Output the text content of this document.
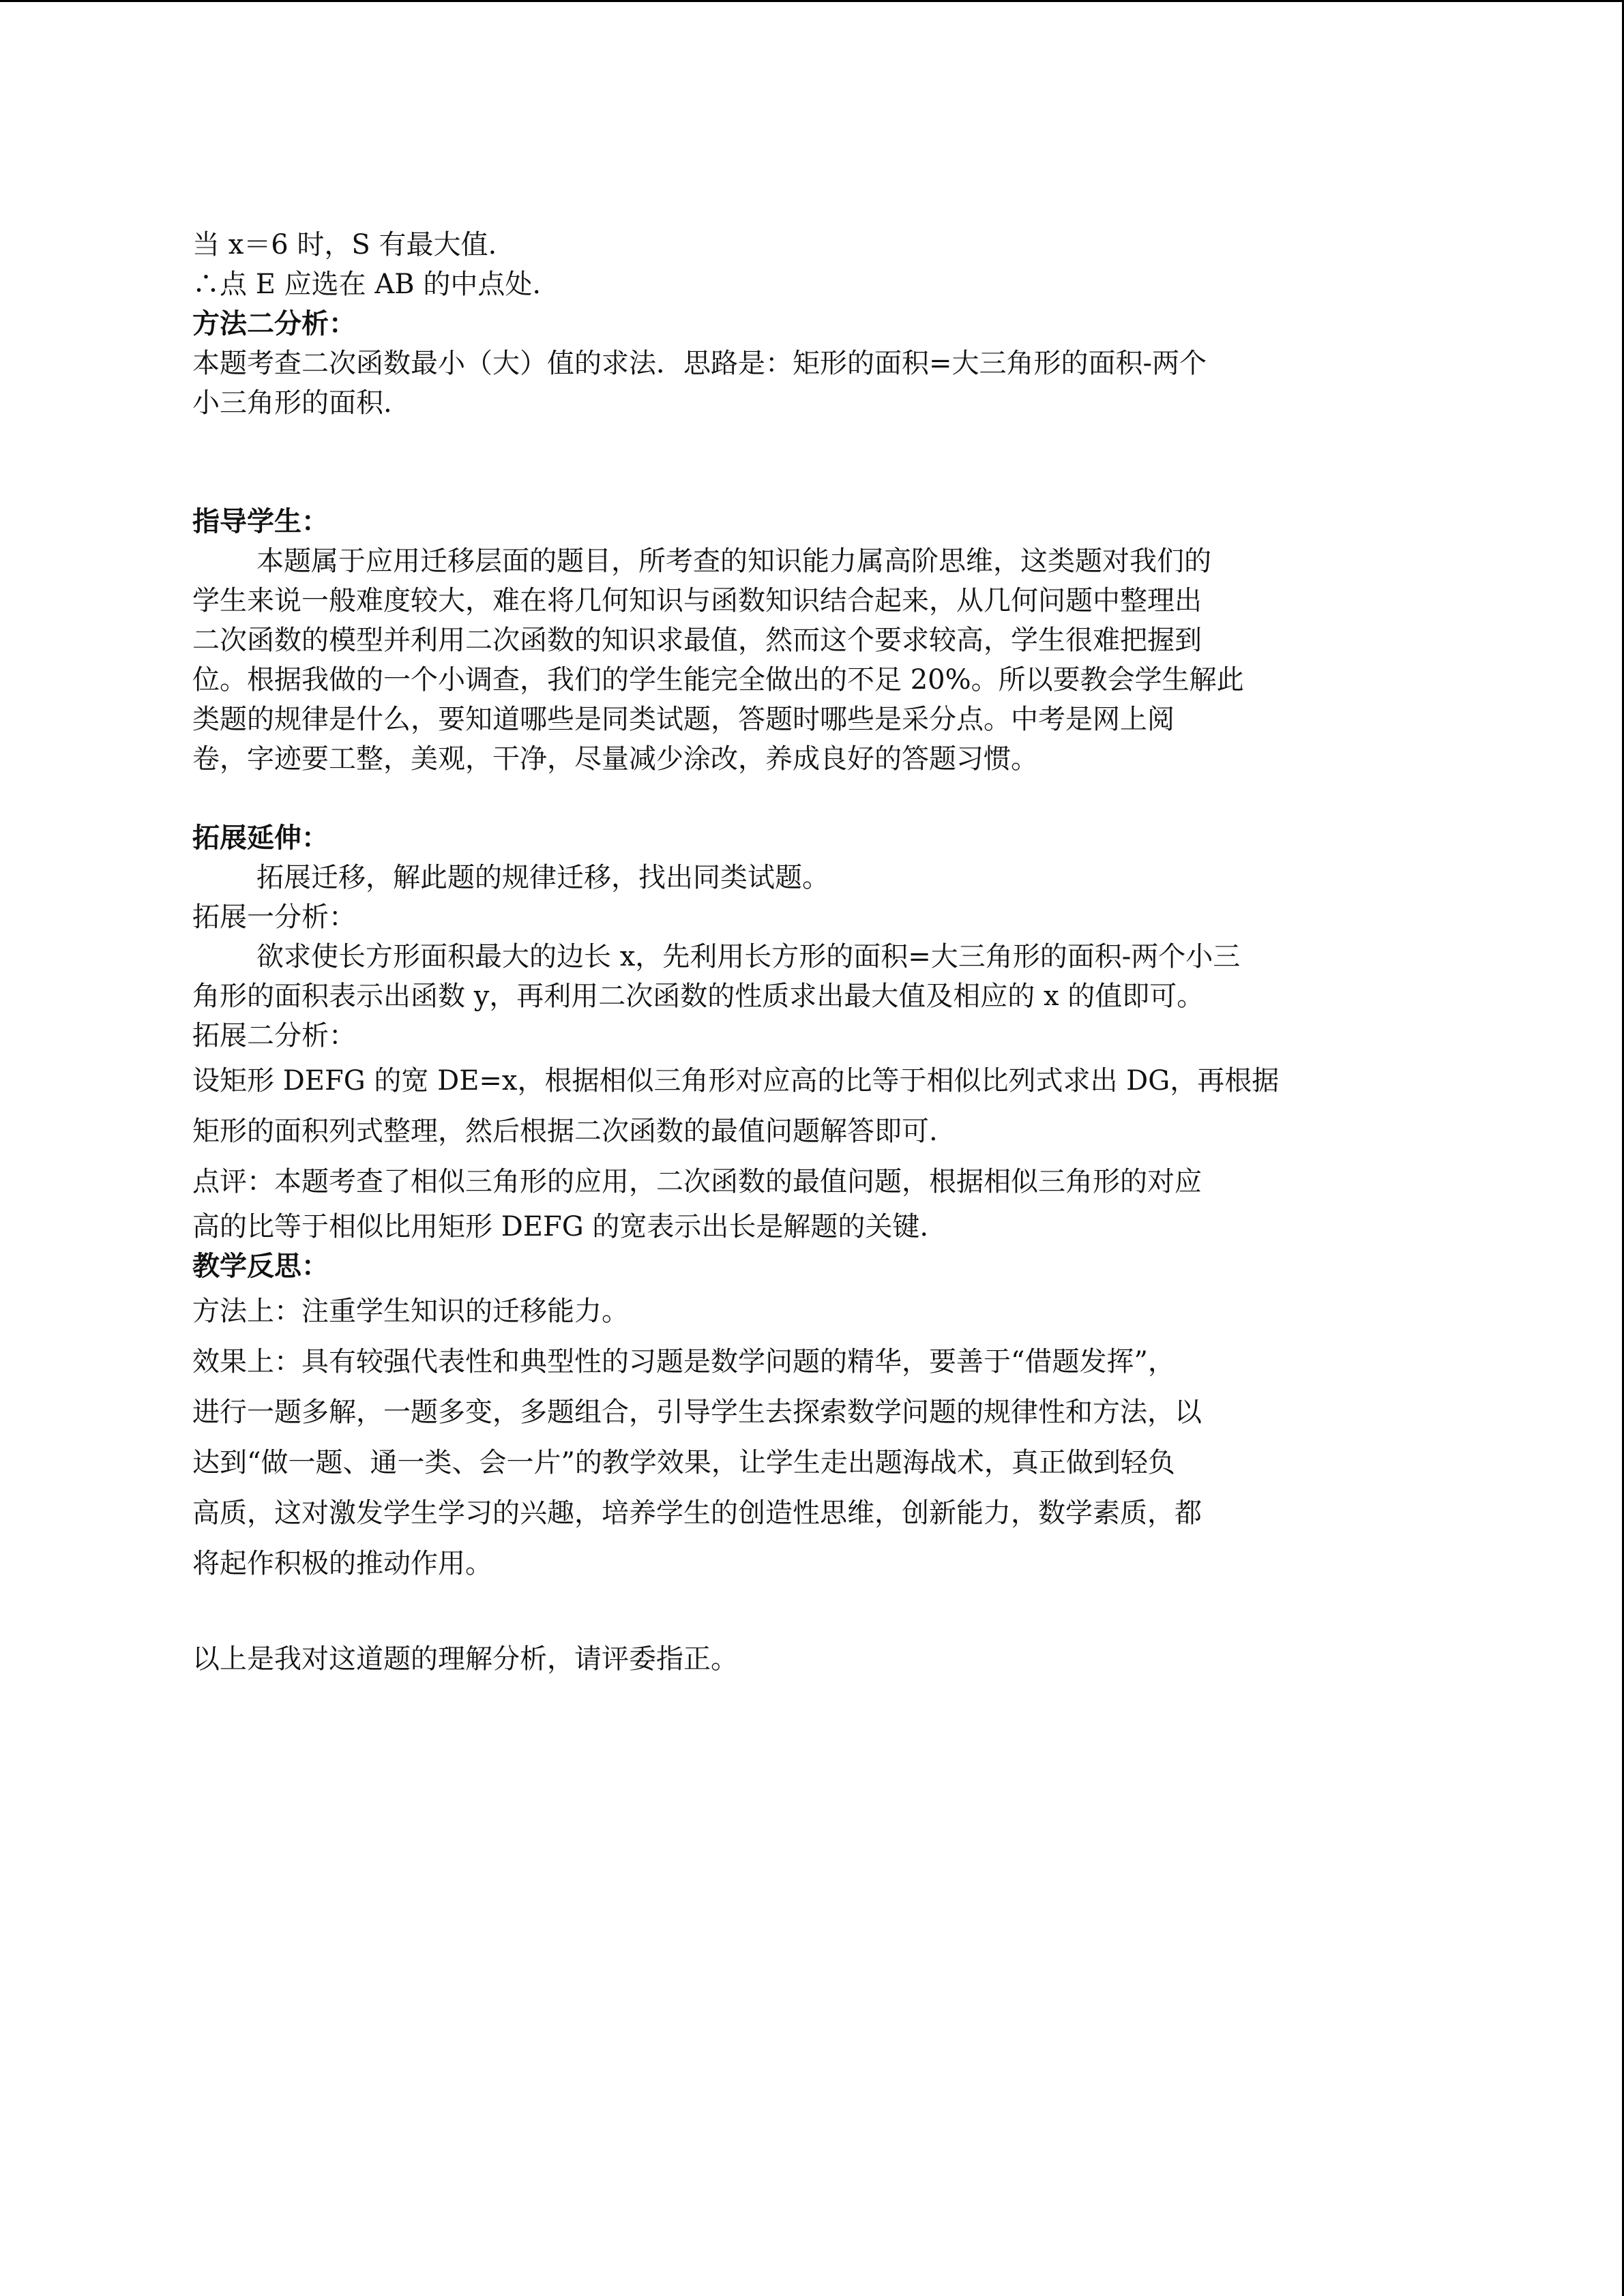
当 x＝6 时，S 有最大值.

∴点 E 应选在 AB 的中点处.

方法二分析：

本题考查二次函数最小（大）值的求法．思路是：矩形的面积=大三角形的面积-两个

小三角形的面积.

指导学生：

本题属于应用迁移层面的题目，所考查的知识能力属高阶思维，这类题对我们的

学生来说一般难度较大，难在将几何知识与函数知识结合起来，从几何问题中整理出

二次函数的模型并利用二次函数的知识求最值，然而这个要求较高，学生很难把握到

位。根据我做的一个小调查，我们的学生能完全做出的不足 20%。所以要教会学生解此

类题的规律是什么，要知道哪些是同类试题，答题时哪些是采分点。中考是网上阅

卷，字迹要工整，美观，干净，尽量减少涂改，养成良好的答题习惯。

拓展延伸：

拓展迁移，解此题的规律迁移，找出同类试题。

拓展一分析：

欲求使长方形面积最大的边长 x，先利用长方形的面积=大三角形的面积-两个小三

角形的面积表示出函数 y，再利用二次函数的性质求出最大值及相应的 x 的值即可。

拓展二分析：

设矩形 DEFG 的宽 DE=x，根据相似三角形对应高的比等于相似比列式求出 DG，再根据

矩形的面积列式整理，然后根据二次函数的最值问题解答即可.

点评：本题考查了相似三角形的应用，二次函数的最值问题，根据相似三角形的对应

高的比等于相似比用矩形 DEFG 的宽表示出长是解题的关键.

教学反思：

方法上：注重学生知识的迁移能力。

效果上：具有较强代表性和典型性的习题是数学问题的精华，要善于“借题发挥”，

进行一题多解，一题多变，多题组合，引导学生去探索数学问题的规律性和方法，以

达到“做一题、通一类、会一片”的教学效果，让学生走出题海战术，真正做到轻负

高质，这对激发学生学习的兴趣，培养学生的创造性思维，创新能力，数学素质，都

将起作积极的推动作用。

以上是我对这道题的理解分析，请评委指正。
